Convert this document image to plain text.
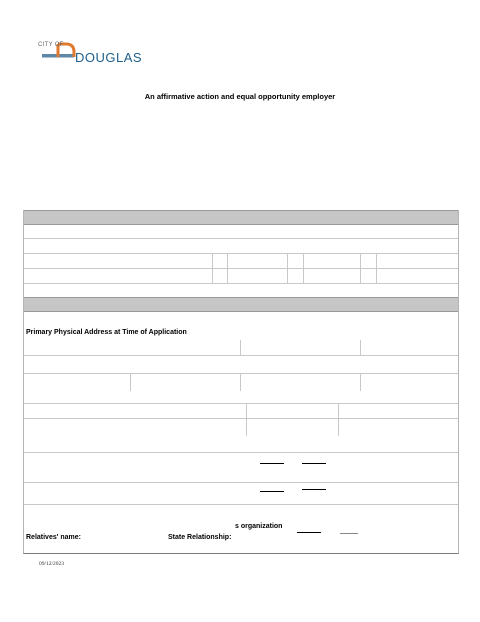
CITY OF
DOUGLAS
An affirmative action and equal opportunity employer
Primary Physical Address at Time of Application
s organization
Relatives' name:	State Relationship:
09/12/2023
